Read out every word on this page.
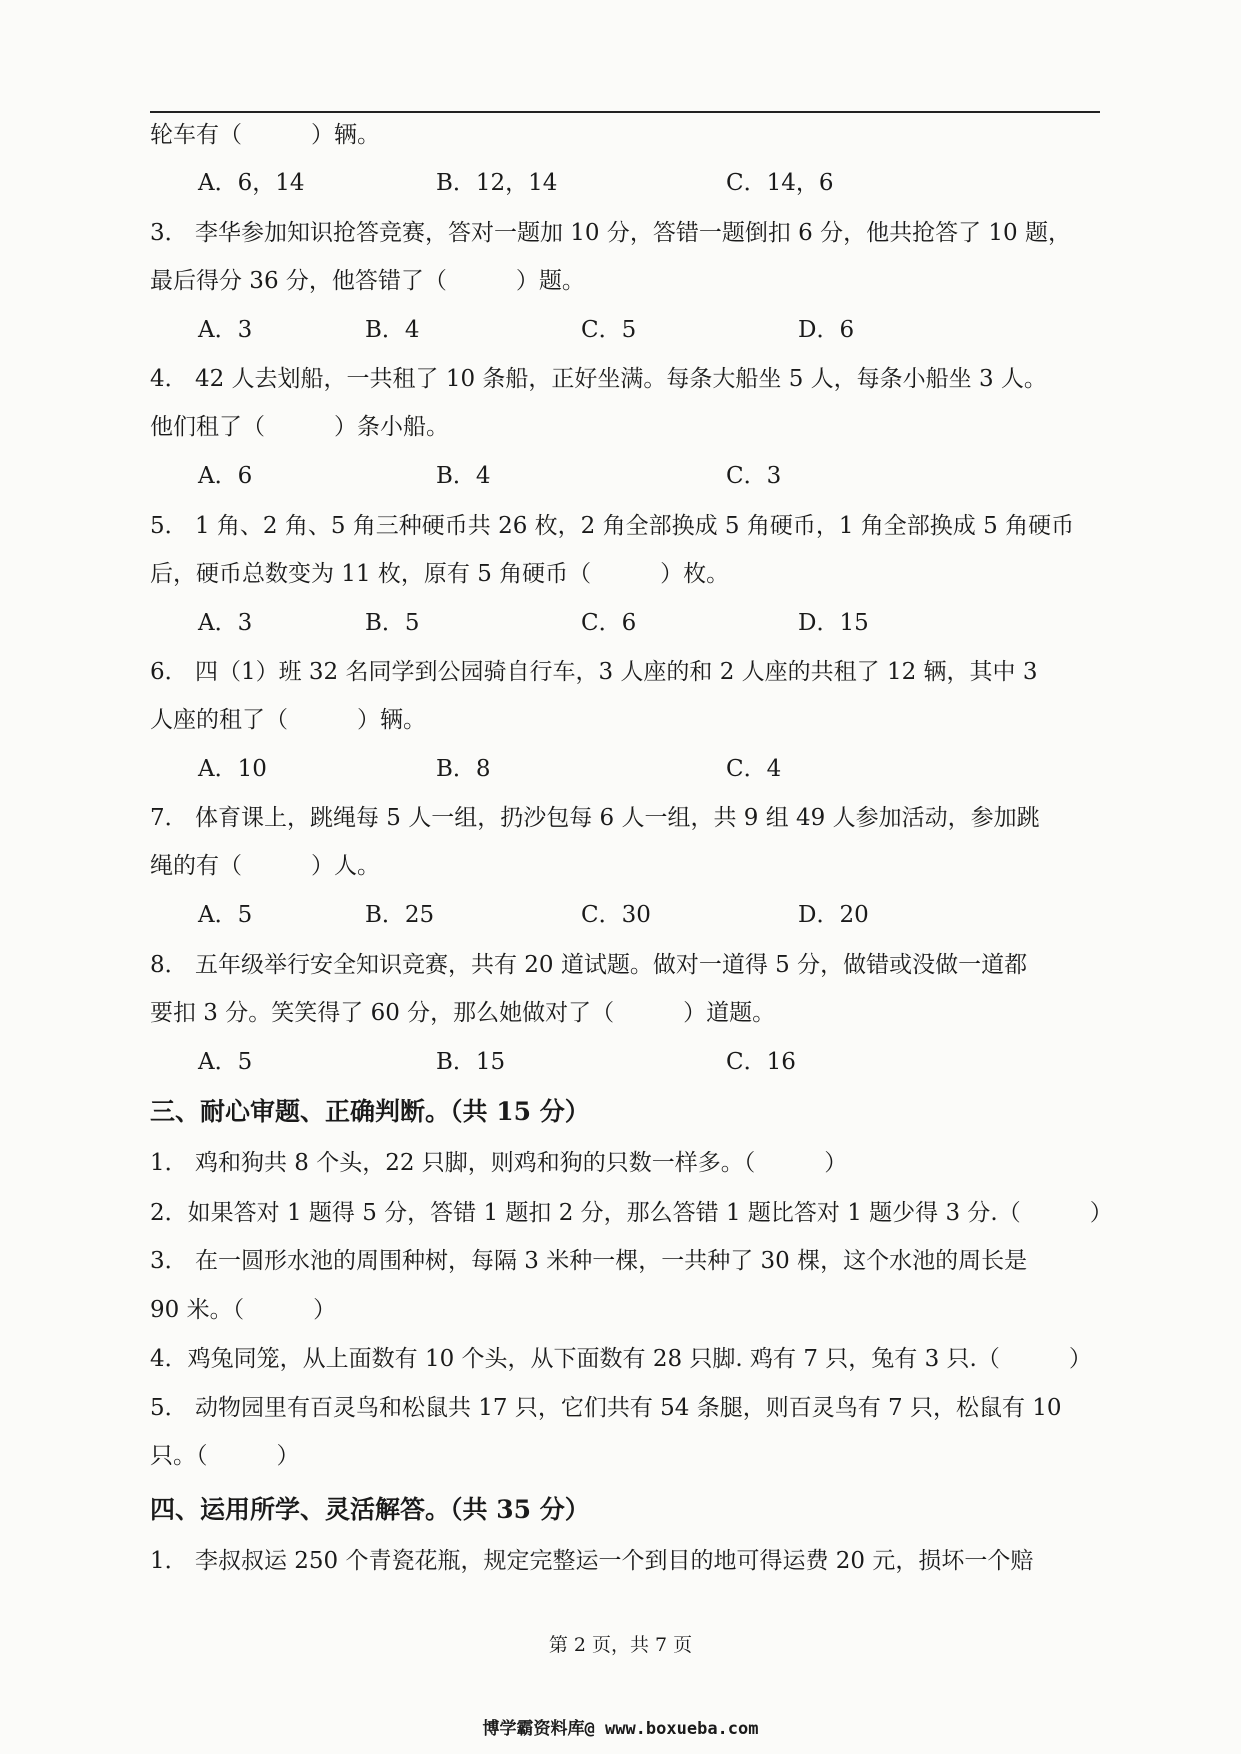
轮车有（　　　）辆。
A．6，14	B．12，14	C．14，6
3． 李华参加知识抢答竞赛，答对一题加 10 分，答错一题倒扣 6 分，他共抢答了 10 题，
最后得分 36 分，他答错了（　　　）题。
A．3	B．4	C．5	D．6
4． 42 人去划船，一共租了 10 条船，正好坐满。每条大船坐 5 人，每条小船坐 3 人。
他们租了（　　　）条小船。
A．6	B．4	C．3
5． 1 角、2 角、5 角三种硬币共 26 枚，2 角全部换成 5 角硬币，1 角全部换成 5 角硬币
后，硬币总数变为 11 枚，原有 5 角硬币（　　　）枚。
A．3	B．5	C．6	D．15
6． 四（1）班 32 名同学到公园骑自行车，3 人座的和 2 人座的共租了 12 辆，其中 3
人座的租了（　　　）辆。
A．10	B．8	C．4
7． 体育课上，跳绳每 5 人一组，扔沙包每 6 人一组，共 9 组 49 人参加活动，参加跳
绳的有（　　　）人。
A．5	B．25	C．30	D．20
8． 五年级举行安全知识竞赛，共有 20 道试题。做对一道得 5 分，做错或没做一道都
要扣 3 分。笑笑得了 60 分，那么她做对了（　　　）道题。
A．5	B．15	C．16
三、耐心审题、正确判断。（共 15 分）
1． 鸡和狗共 8 个头，22 只脚，则鸡和狗的只数一样多。（　　　）
2．如果答对 1 题得 5 分，答错 1 题扣 2 分，那么答错 1 题比答对 1 题少得 3 分.（　　　）
3． 在一圆形水池的周围种树，每隔 3 米种一棵，一共种了 30 棵，这个水池的周长是
90 米。（　　　）
4．鸡兔同笼，从上面数有 10 个头，从下面数有 28 只脚. 鸡有 7 只，兔有 3 只.（　　　）
5． 动物园里有百灵鸟和松鼠共 17 只，它们共有 54 条腿，则百灵鸟有 7 只，松鼠有 10
只。（　　　）
四、运用所学、灵活解答。（共 35 分）
1． 李叔叔运 250 个青瓷花瓶，规定完整运一个到目的地可得运费 20 元，损坏一个赔
第 2 页，共 7 页
博学霸资料库@ www.boxueba.com
